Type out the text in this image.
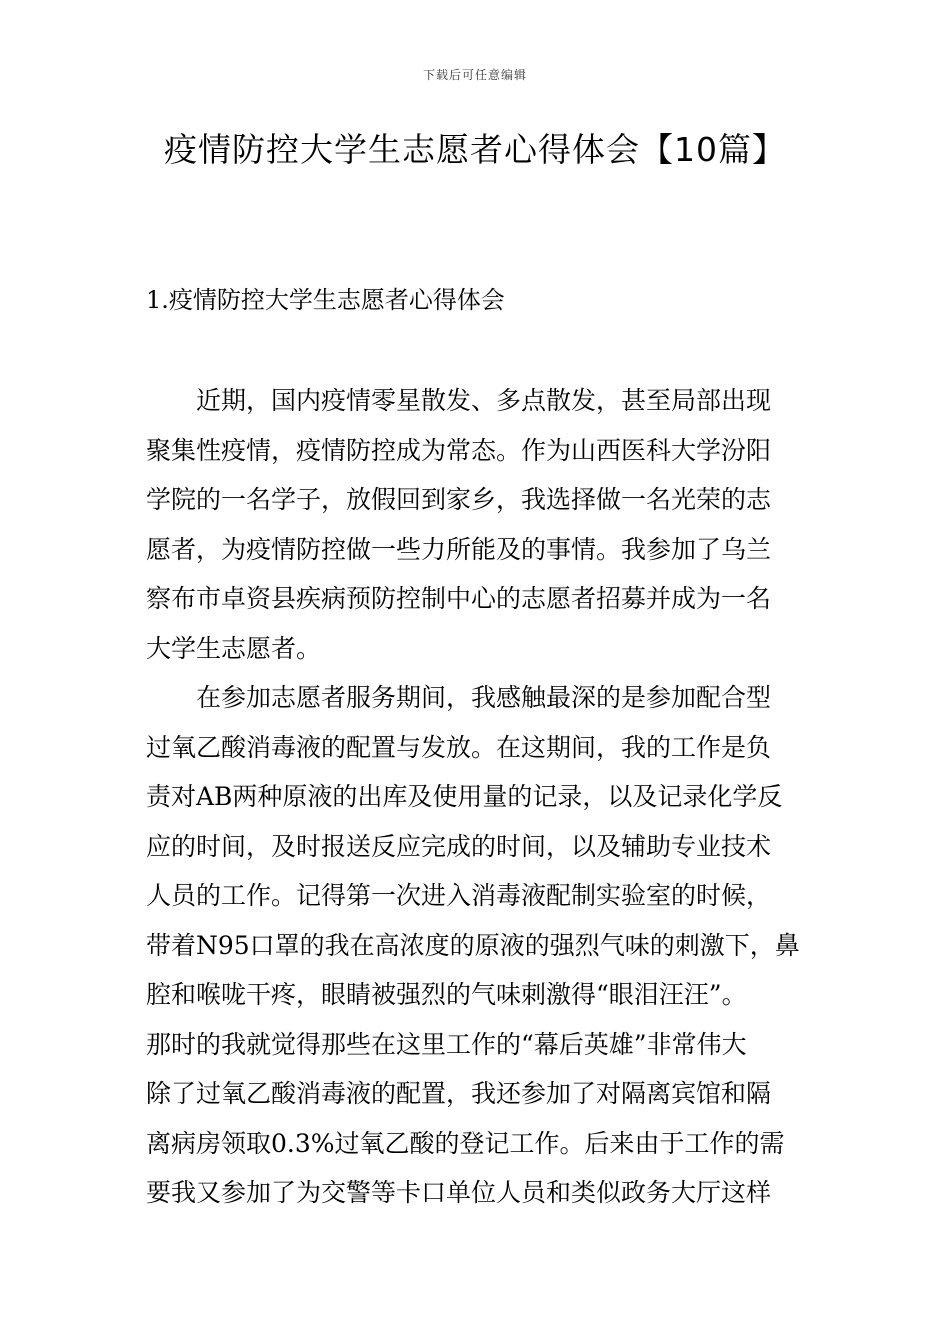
下载后可任意编辑
疫情防控大学生志愿者心得体会【10篇】
1.疫情防控大学生志愿者心得体会
近期，国内疫情零星散发、多点散发，甚至局部出现
聚集性疫情，疫情防控成为常态。作为山西医科大学汾阳
学院的一名学子，放假回到家乡，我选择做一名光荣的志
愿者，为疫情防控做一些力所能及的事情。我参加了乌兰
察布市卓资县疾病预防控制中心的志愿者招募并成为一名
大学生志愿者。
在参加志愿者服务期间，我感触最深的是参加配合型
过氧乙酸消毒液的配置与发放。在这期间，我的工作是负
责对AB两种原液的出库及使用量的记录，以及记录化学反
应的时间，及时报送反应完成的时间，以及辅助专业技术
人员的工作。记得第一次进入消毒液配制实验室的时候，
带着N95口罩的我在高浓度的原液的强烈气味的刺激下，鼻
腔和喉咙干疼，眼睛被强烈的气味刺激得“眼泪汪汪”。
那时的我就觉得那些在这里工作的“幕后英雄”非常伟大
除了过氧乙酸消毒液的配置，我还参加了对隔离宾馆和隔
离病房领取0.3%过氧乙酸的登记工作。后来由于工作的需
要我又参加了为交警等卡口单位人员和类似政务大厅这样
